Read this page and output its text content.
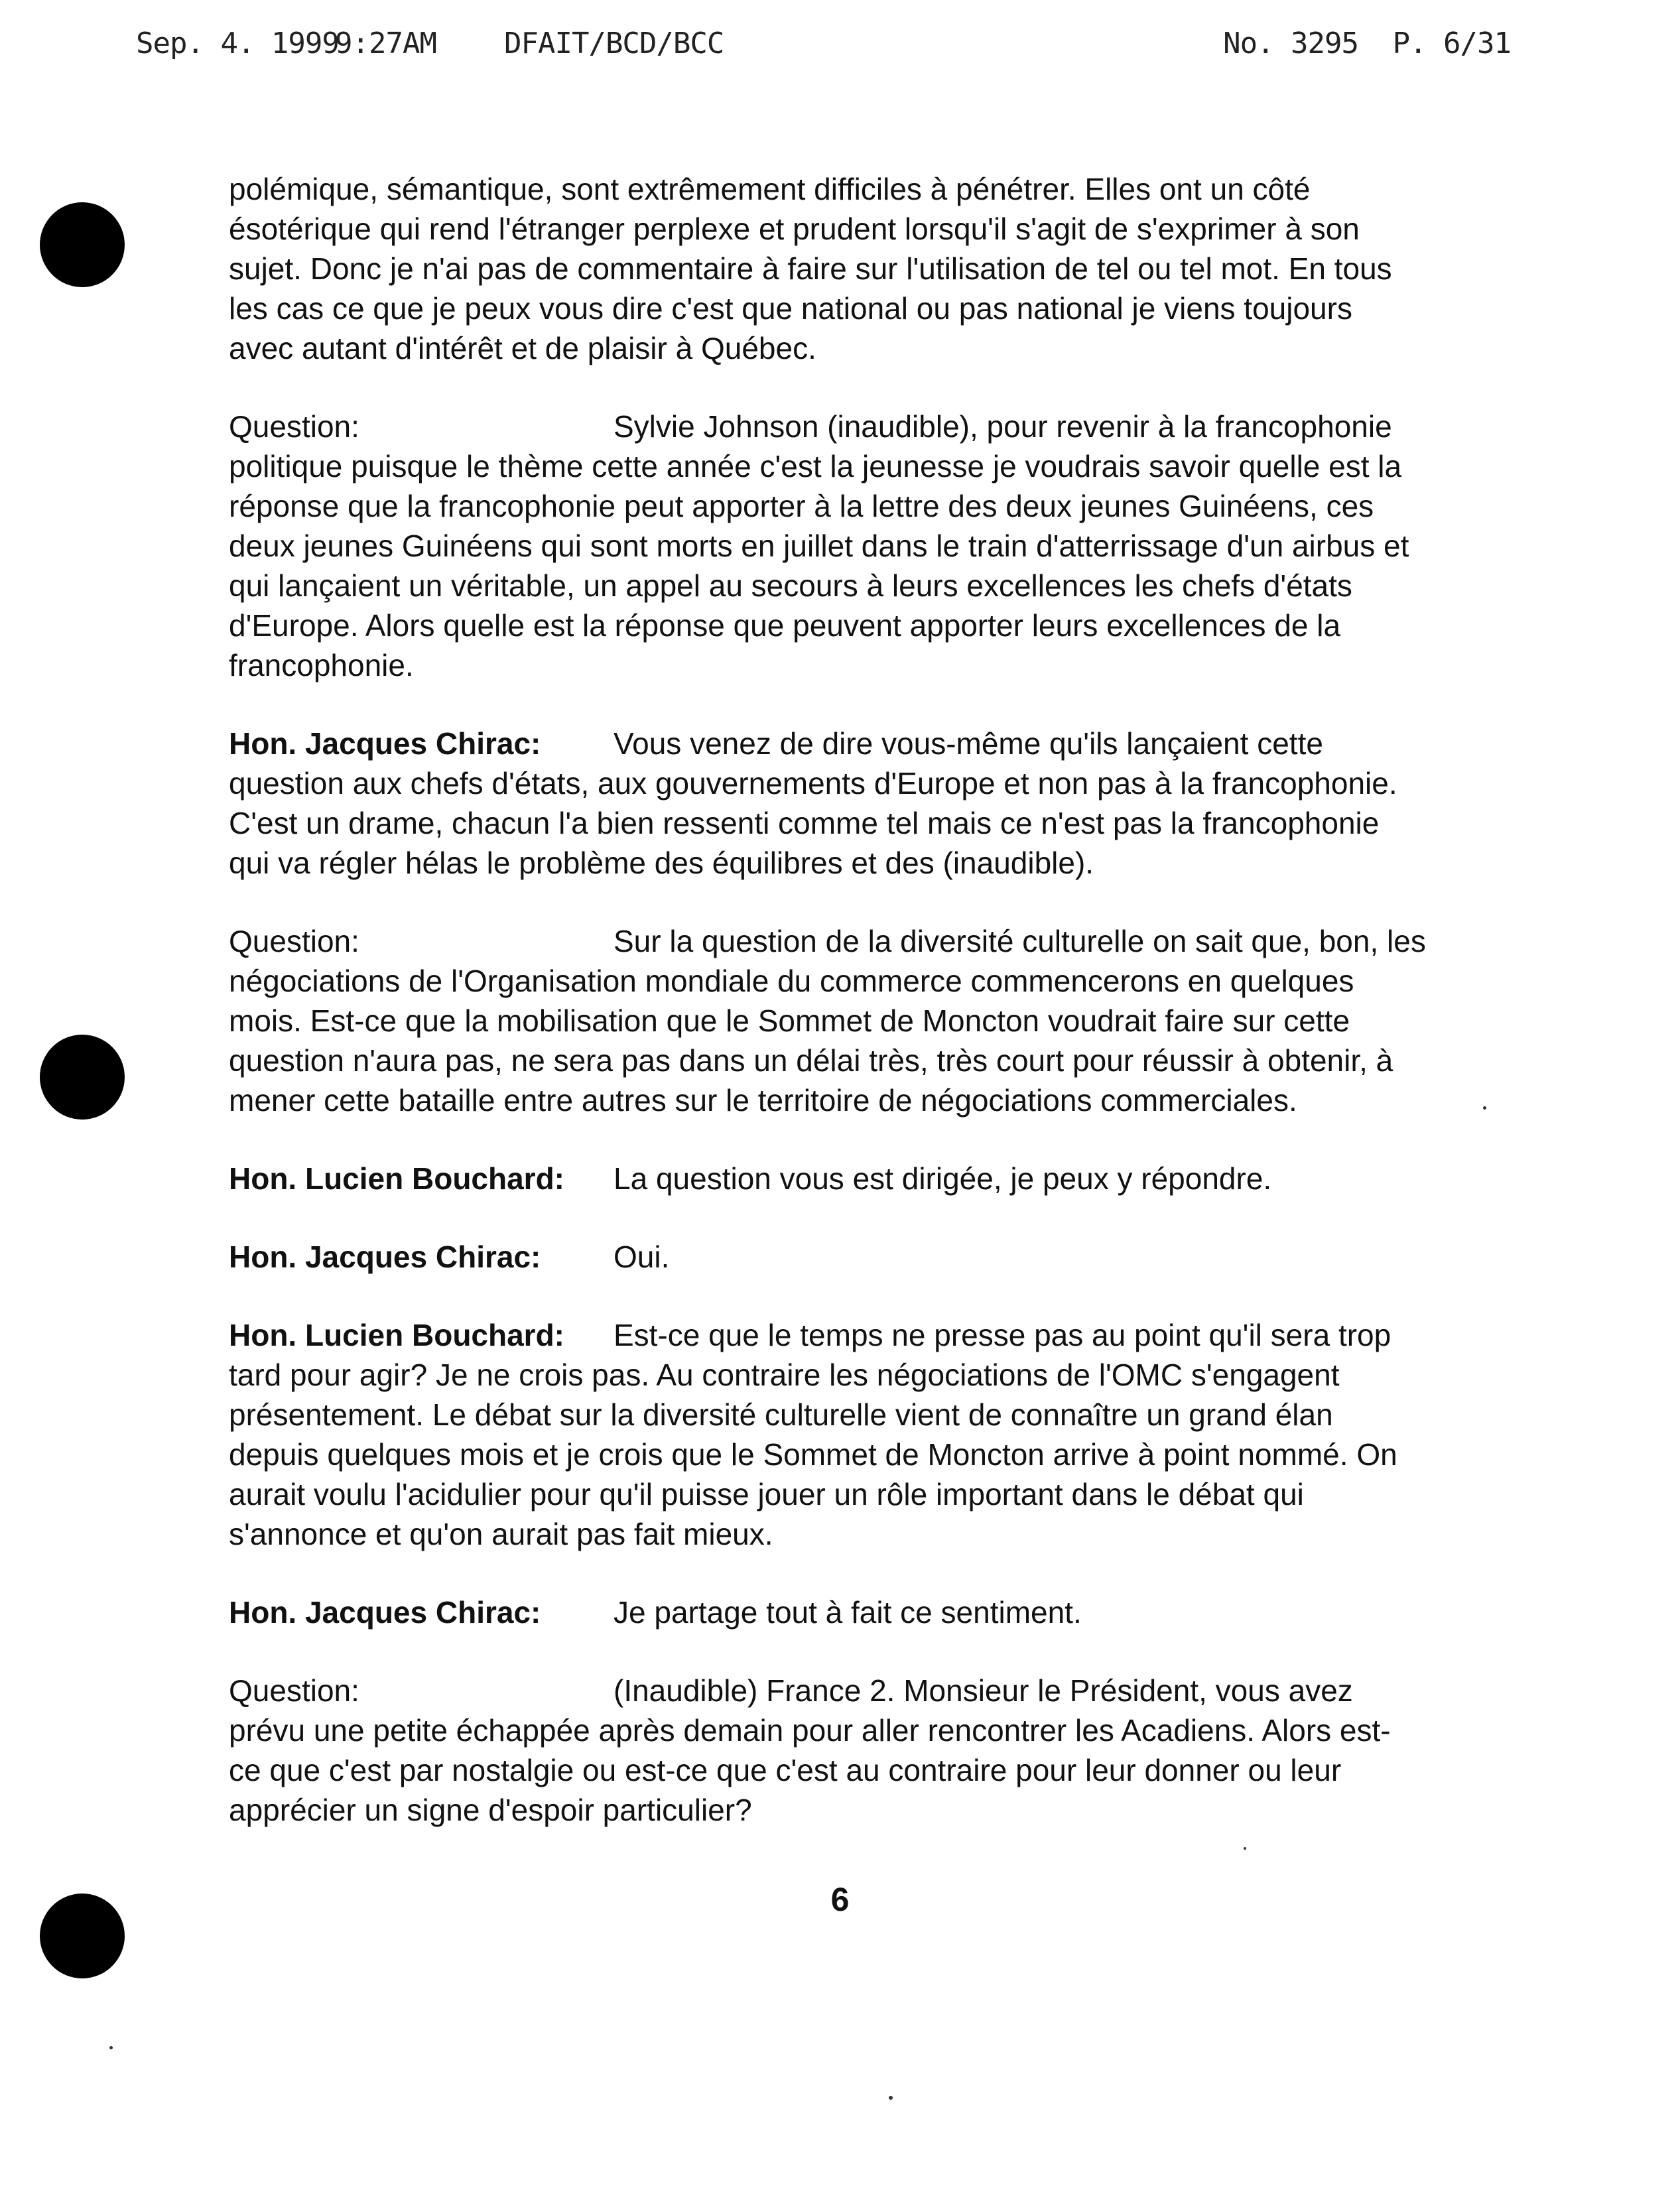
Sep. 4. 1999
9:27AM DFAIT/BCD/BCC	No. 3295 P. 6/31

polémique, sémantique, sont extrêmement difficiles à pénétrer. Elles ont un côté
ésotérique qui rend l'étranger perplexe et prudent lorsqu'il s'agit de s'exprimer à son
sujet. Donc je n'ai pas de commentaire à faire sur l'utilisation de tel ou tel mot. En tous
les cas ce que je peux vous dire c'est que national ou pas national je viens toujours
avec autant d'intérêt et de plaisir à Québec.

Question:	Sylvie Johnson (inaudible), pour revenir à la francophonie
politique puisque le thème cette année c'est la jeunesse je voudrais savoir quelle est la
réponse que la francophonie peut apporter à la lettre des deux jeunes Guinéens, ces
deux jeunes Guinéens qui sont morts en juillet dans le train d'atterrissage d'un airbus et
qui lançaient un véritable, un appel au secours à leurs excellences les chefs d'états
d'Europe. Alors quelle est la réponse que peuvent apporter leurs excellences de la
francophonie.
Hon. Jacques Chirac: Vous venez de dire vous-même qu'ils lançaient cette
question aux chefs d'états, aux gouvernements d'Europe et non pas à la francophonie.
C'est un drame, chacun l'a bien ressenti comme tel mais ce n'est pas la francophonie
qui va régler hélas le problème des équilibres et des (inaudible).
Question:	Sur la question de la diversité culturelle on sait que, bon, les
négociations de l'Organisation mondiale du commerce commencerons en quelques
mois. Est-ce que la mobilisation que le Sommet de Moncton voudrait faire sur cette
question n'aura pas, ne sera pas dans un délai très, très court pour réussir à obtenir, à
mener cette bataille entre autres sur le territoire de négociations commerciales.
Hon. Lucien Bouchard: La question vous est dirigée, je peux y répondre.
Hon. Jacques Chirac: Oui.
Hon. Lucien Bouchard: Est-ce que le temps ne presse pas au point qu'il sera trop
tard pour agir? Je ne crois pas. Au contraire les négociations de l'OMC s'engagent
présentement. Le débat sur la diversité culturelle vient de connaître un grand élan
depuis quelques mois et je crois que le Sommet de Moncton arrive à point nommé. On
aurait voulu l'acidulier pour qu'il puisse jouer un rôle important dans le débat qui
s'annonce et qu'on aurait pas fait mieux.
Hon. Jacques Chirac: Je partage tout à fait ce sentiment.
Question:	(Inaudible) France 2. Monsieur le Président, vous avez
prévu une petite échappée après demain pour aller rencontrer les Acadiens. Alors est-
ce que c'est par nostalgie ou est-ce que c'est au contraire pour leur donner ou leur
apprécier un signe d'espoir particulier?
6
